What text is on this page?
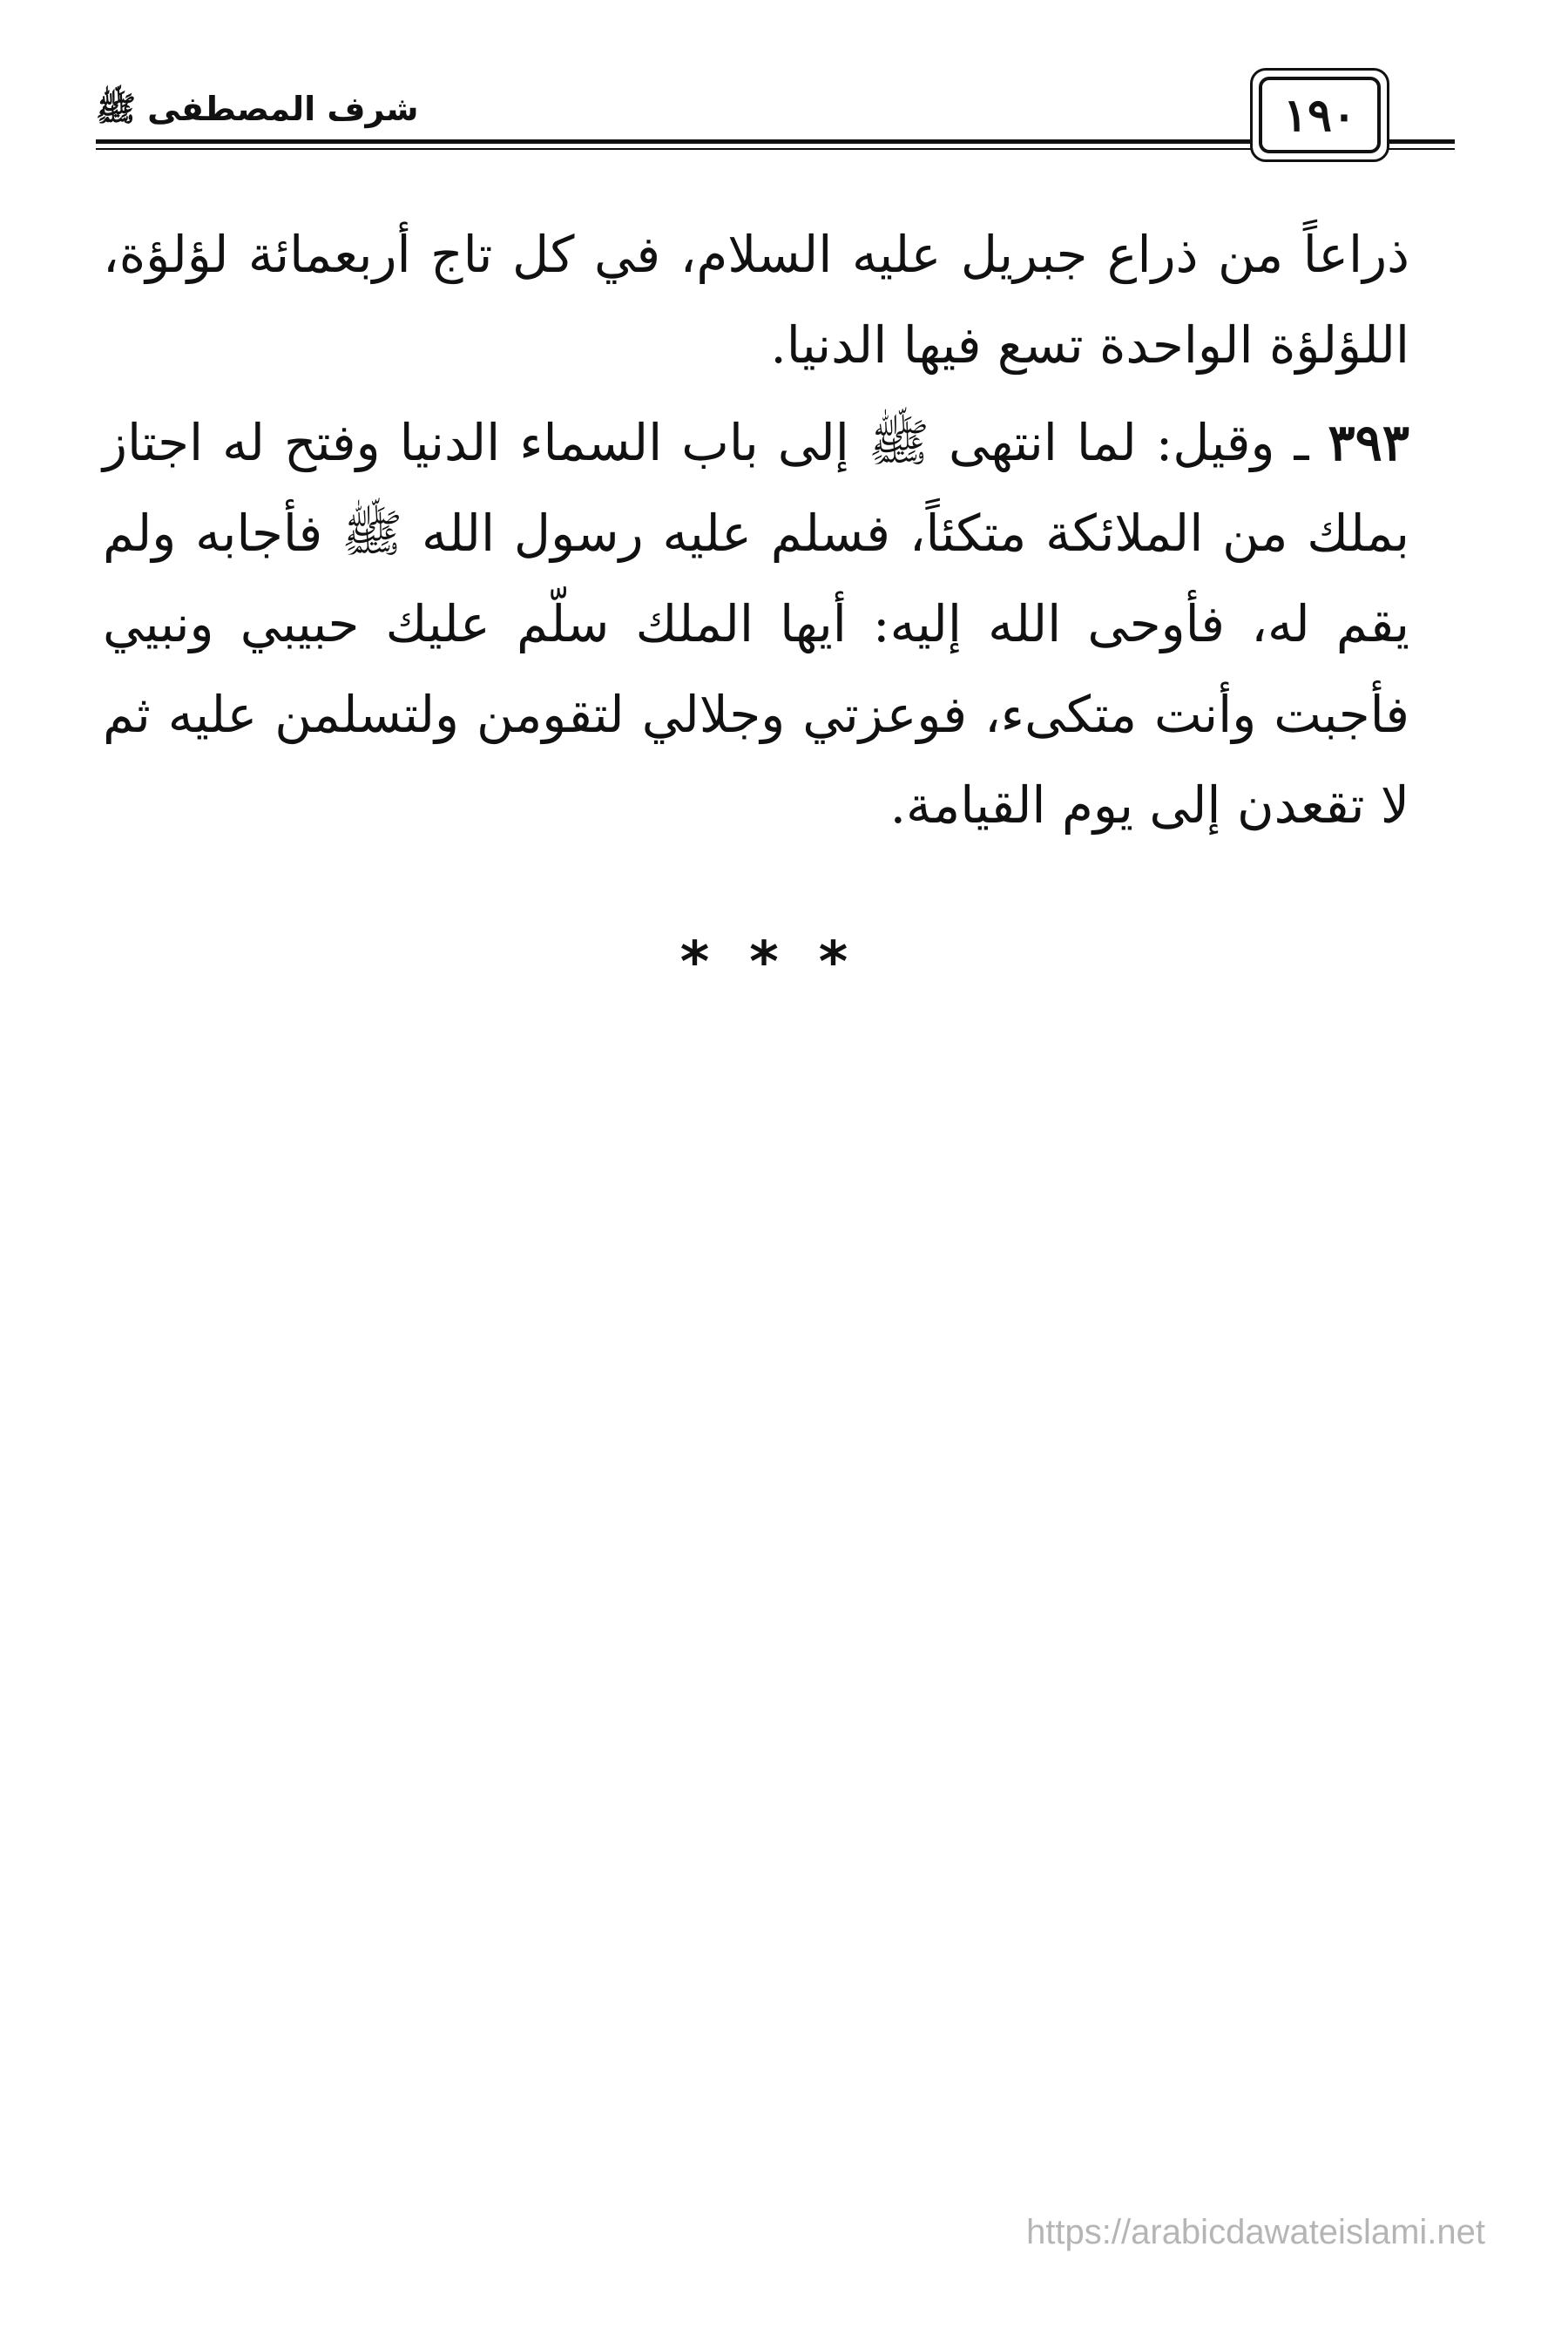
شرف المصطفى ﷺ	١٩٠

ذراعاً من ذراع جبريل عليه السلام، في كل تاج أربعمائة لؤلؤة، اللؤلؤة الواحدة تسع فيها الدنيا.

٣٩٣ ـ وقيل: لما انتهى ﷺ إلى باب السماء الدنيا وفتح له اجتاز بملك من الملائكة متكئاً، فسلم عليه رسول الله ﷺ فأجابه ولم يقم له، فأوحى الله إليه: أيها الملك سلّم عليك حبيبي ونبيي فأجبت وأنت متكىء، فوعزتي وجلالي لتقومن ولتسلمن عليه ثم لا تقعدن إلى يوم القيامة.

***
https://arabicdawateislami.net
